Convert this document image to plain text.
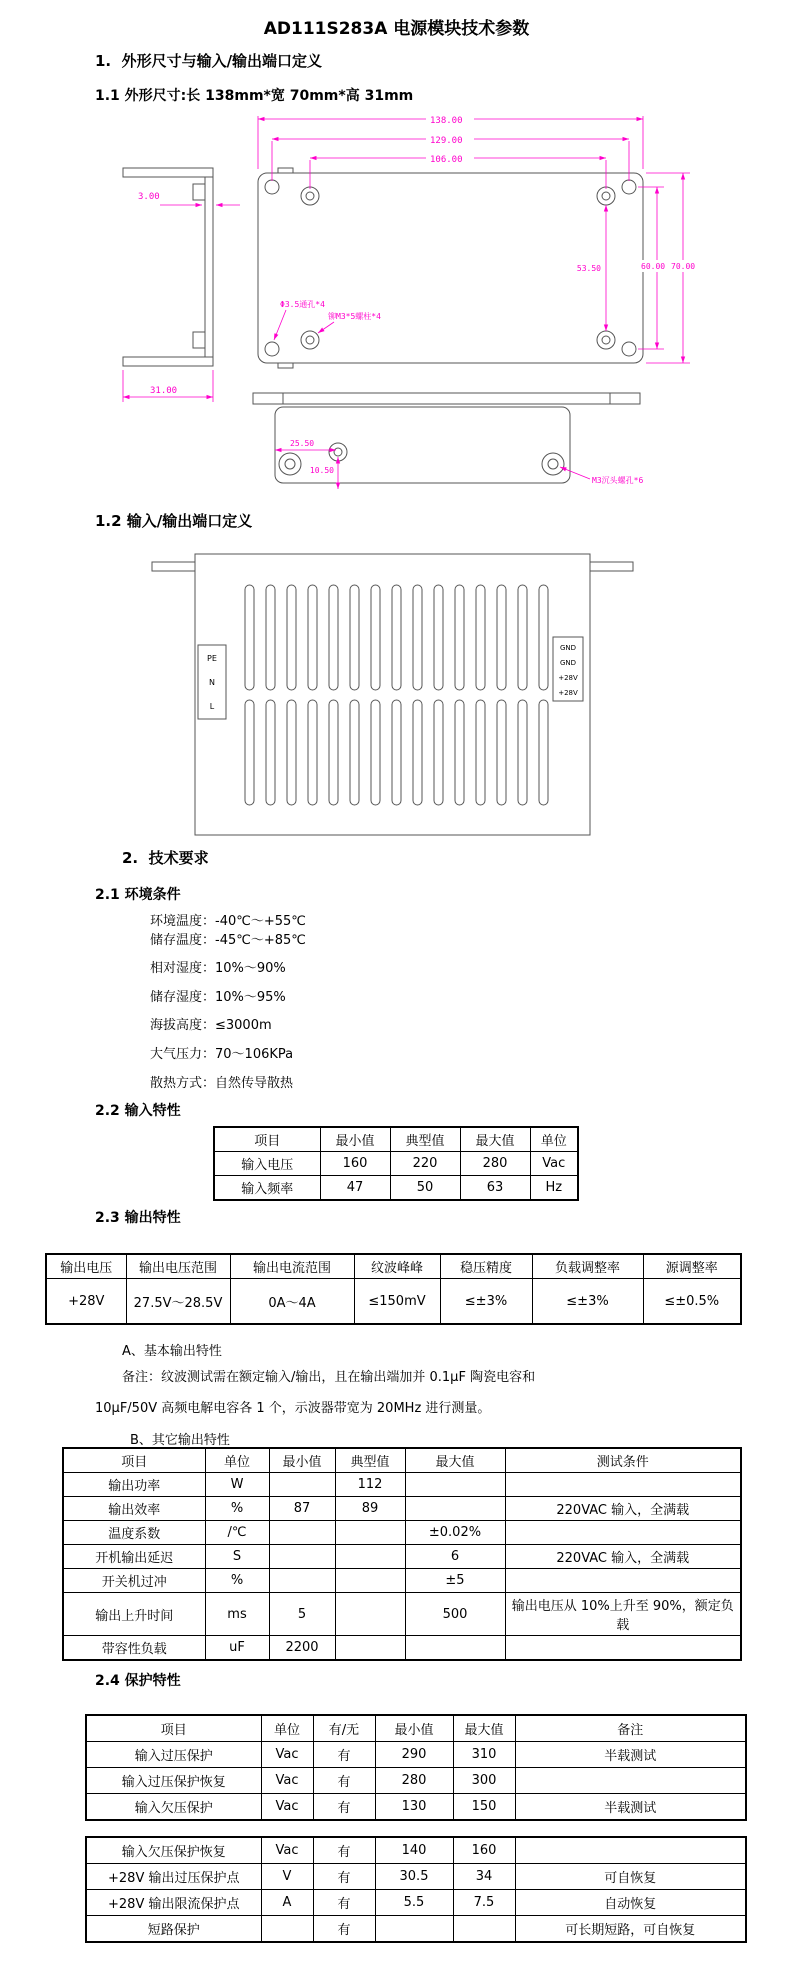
AD111S283A 电源模块技术参数
1.  外形尺寸与输入/输出端口定义
1.1 外形尺寸:长 138mm*宽 70mm*高 31mm
3.00
31.00
138.00
129.00
106.00
60.00 70.00
53.50
Φ3.5通孔*4
铆M3*5螺柱*4
25.50
10.50
M3沉头螺孔*6
1.2 输入/输出端口定义
PE
N
L
GND
GND
+28V
+28V
2.  技术要求
2.1 环境条件
环境温度：-40℃～+55℃
储存温度：-45℃～+85℃
相对湿度：10%～90%
储存湿度：10%～95%
海拔高度：≤3000m
大气压力：70～106KPa
散热方式：自然传导散热
2.2 输入特性
项目	最小值	典型值	最大值	单位
输入电压	160	220	280	Vac
输入频率	47	50	63	Hz
2.3 输出特性
输出电压	输出电压范围	输出电流范围	纹波峰峰	稳压精度	负载调整率	源调整率
+28V	27.5V～28.5V	0A～4A	≤150mV	≤±3%	≤±3%	≤±0.5%
A、基本输出特性
备注：纹波测试需在额定输入/输出，且在输出端加并 0.1μF 陶瓷电容和
10μF/50V 高频电解电容各 1 个，示波器带宽为 20MHz 进行测量。
B、其它输出特性
项目	单位	最小值	典型值	最大值	测试条件
输出功率	W		112		
输出效率	%	87	89		220VAC 输入，全满载
温度系数	/℃			±0.02%	
开机输出延迟	S			6	220VAC 输入，全满载
开关机过冲	%			±5	
输出上升时间	ms	5		500	输出电压从 10%上升至 90%，额定负载
带容性负载	uF	2200			
2.4 保护特性
项目	单位	有/无	最小值	最大值	备注
输入过压保护	Vac	有	290	310	半载测试
输入过压保护恢复	Vac	有	280	300	
输入欠压保护	Vac	有	130	150	半载测试
输入欠压保护恢复	Vac	有	140	160	
+28V 输出过压保护点	V	有	30.5	34	可自恢复
+28V 输出限流保护点	A	有	5.5	7.5	自动恢复
短路保护		有			可长期短路，可自恢复
